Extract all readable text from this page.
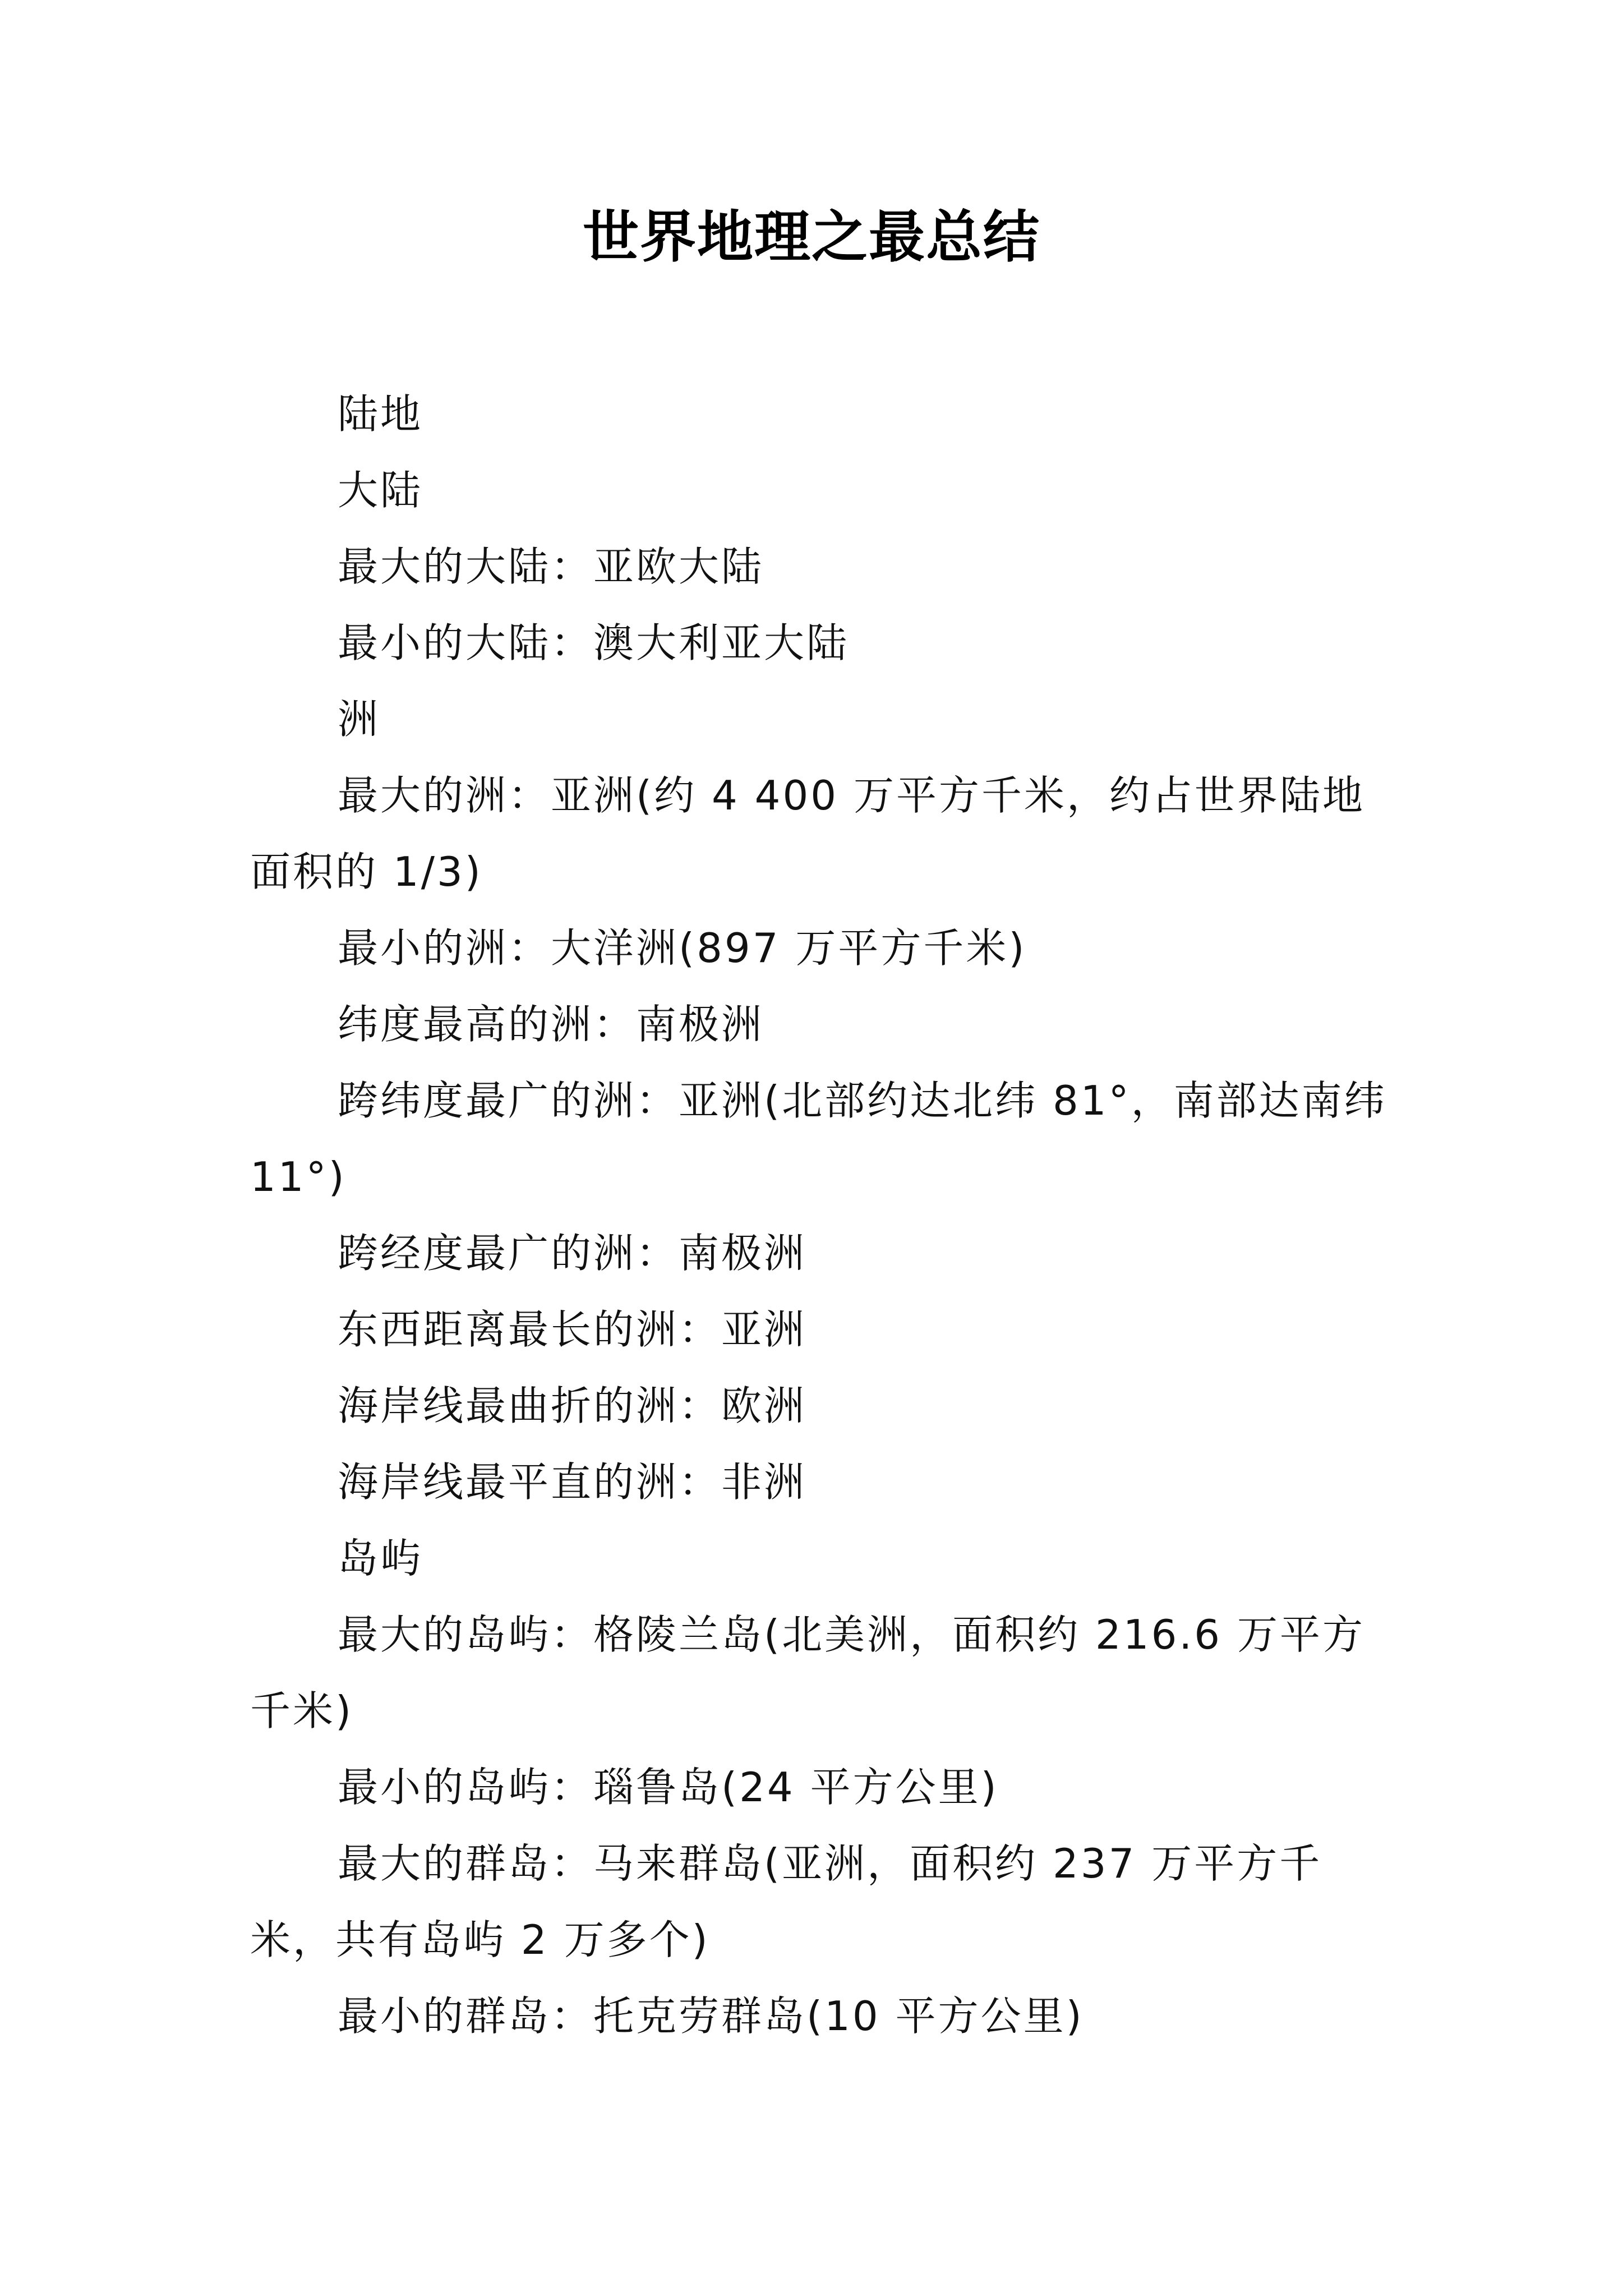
世界地理之最总结

陆地

大陆

最大的大陆：亚欧大陆

最小的大陆：澳大利亚大陆

洲

最大的洲：亚洲(约 4 400 万平方千米，约占世界陆地面积的 1/3)

最小的洲：大洋洲(897 万平方千米)

纬度最高的洲：南极洲

跨纬度最广的洲：亚洲(北部约达北纬 81°，南部达南纬 11°)

跨经度最广的洲：南极洲

东西距离最长的洲：亚洲

海岸线最曲折的洲：欧洲

海岸线最平直的洲：非洲

岛屿

最大的岛屿：格陵兰岛(北美洲，面积约 216.6 万平方千米)

最小的岛屿：瑙鲁岛(24 平方公里)

最大的群岛：马来群岛(亚洲，面积约 237 万平方千米，共有岛屿 2 万多个)

最小的群岛：托克劳群岛(10 平方公里)
